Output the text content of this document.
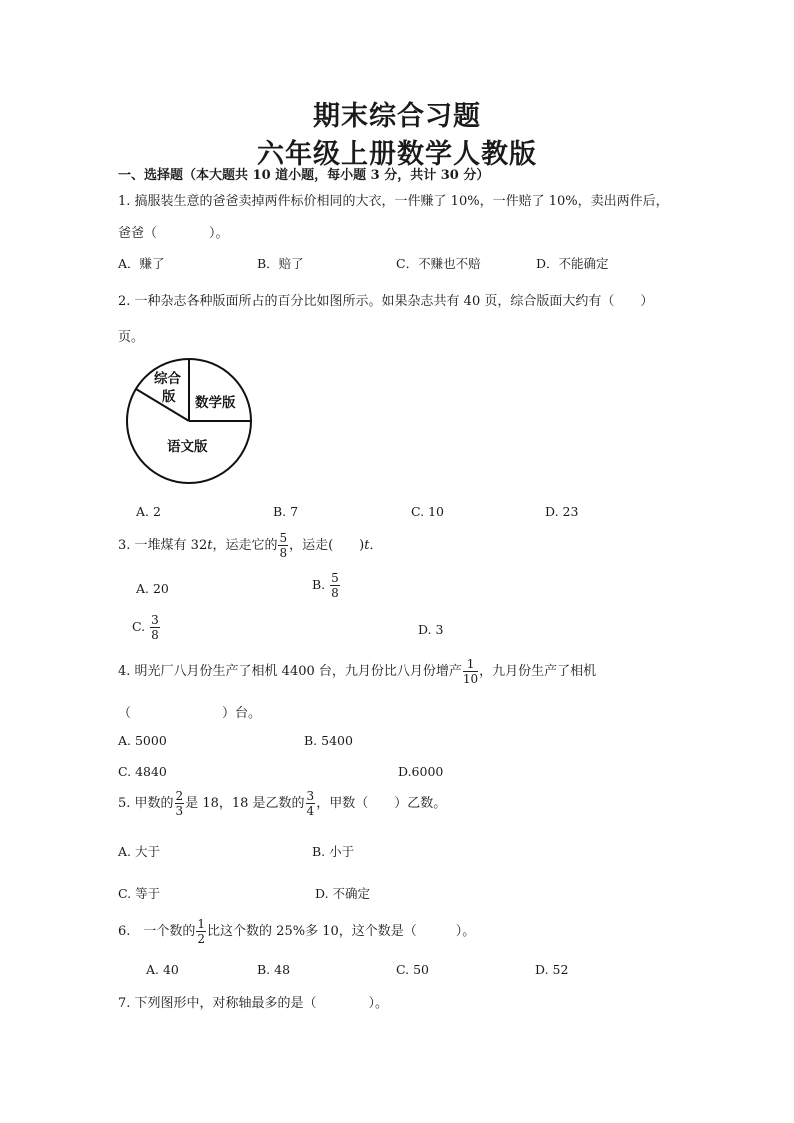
期末综合习题
六年级上册数学人教版
一、选择题（本大题共 10 道小题，每小题 3 分，共计 30 分）
1. 搞服装生意的爸爸卖掉两件标价相同的大衣，一件赚了 10%，一件赔了 10%，卖出两件后，
爸爸（　　　　）。
A．赚了	B．赔了	C．不赚也不赔	D．不能确定
2. 一种杂志各种版面所占的百分比如图所示。如果杂志共有 40 页，综合版面大约有（　　）
页。
综合
版 数学版
语文版
A. 2	B. 7	C. 10	D. 23
3. 一堆煤有 32t，运走它的 $\frac{5}{8}$ ，运走(　　)t．
A. 20	B. $\frac{5}{8}$
C. $\frac{3}{8}$	D. 3
4. 明光厂八月份生产了相机 4400 台，九月份比八月份增产 $\frac{1}{10}$ ，九月份生产了相机
（　　　　　　　）台。
A. 5000	B. 5400
C. 4840	D.6000
5. 甲数的 $\frac{2}{3}$ 是 18，18 是乙数的 $\frac{3}{4}$ ，甲数（　　）乙数。
A. 大于	B. 小于
C. 等于	D. 不确定
6.　一个数的 $\frac{1}{2}$ 比这个数的 25%多 10，这个数是（　　　）。
A. 40	B. 48	C. 50	D. 52
7. 下列图形中，对称轴最多的是（　　　　）。
